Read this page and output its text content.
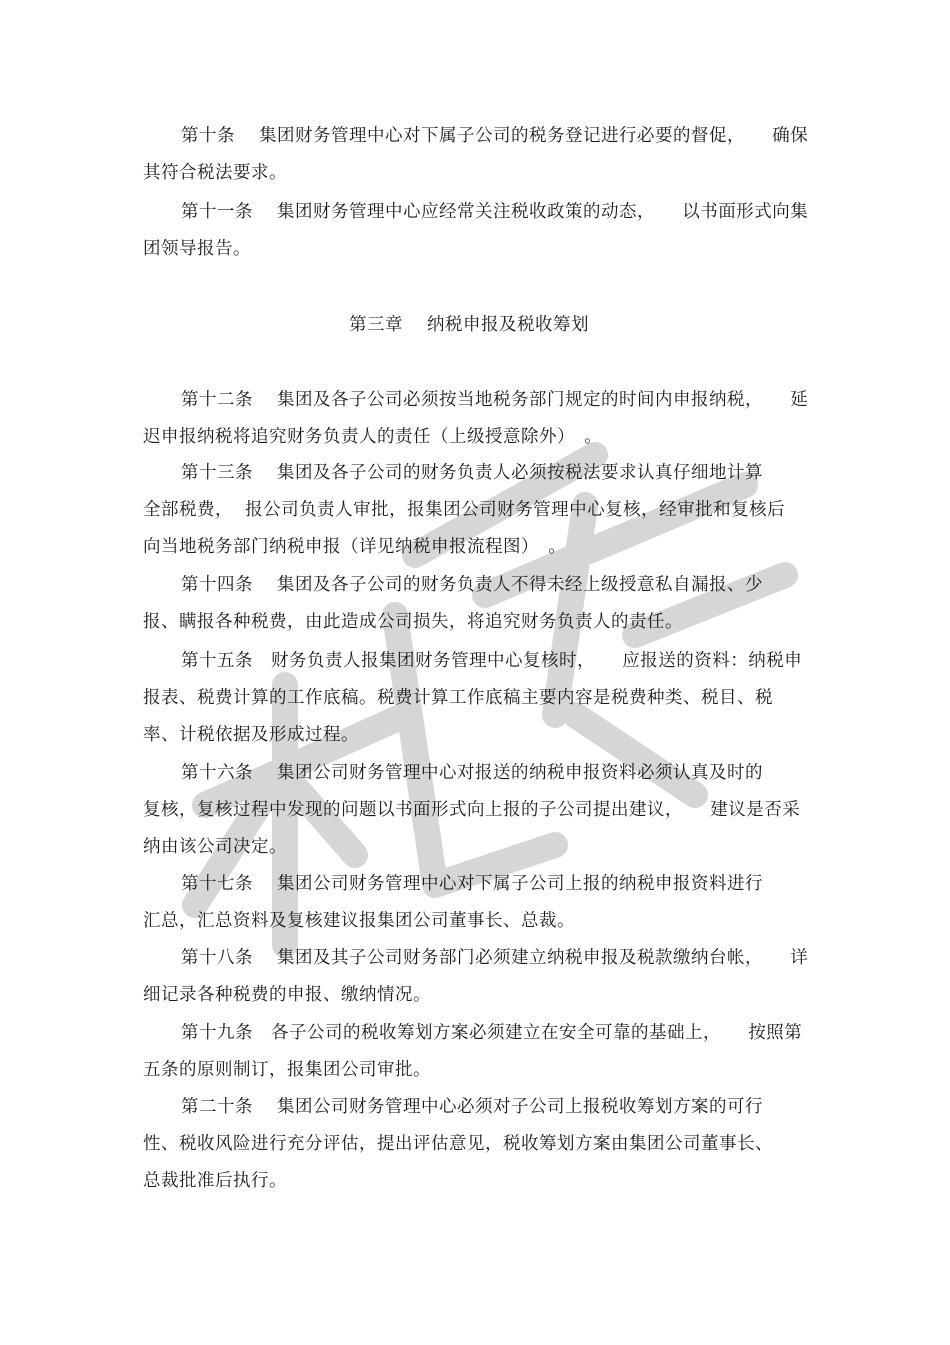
第十条　 集团财务管理中心对下属子公司的税务登记进行必要的督促，　　确保

其符合税法要求。

第十一条　 集团财务管理中心应经常关注税收政策的动态，　　以书面形式向集

团领导报告。

第三章　 纳税申报及税收筹划

第十二条　 集团及各子公司必须按当地税务部门规定的时间内申报纳税，　　延

迟申报纳税将追究财务负责人的责任（上级授意除外）　。

第十三条　 集团及各子公司的财务负责人必须按税法要求认真仔细地计算

全部税费，  报公司负责人审批，报集团公司财务管理中心复核，经审批和复核后

向当地税务部门纳税申报（详见纳税申报流程图）　。

第十四条　 集团及各子公司的财务负责人不得未经上级授意私自漏报、少

报、瞒报各种税费，由此造成公司损失，将追究财务负责人的责任。

第十五条　财务负责人报集团财务管理中心复核时，　　应报送的资料：纳税申

报表、税费计算的工作底稿。税费计算工作底稿主要内容是税费种类、税目、税

率、计税依据及形成过程。

第十六条　 集团公司财务管理中心对报送的纳税申报资料必须认真及时的

复核，复核过程中发现的问题以书面形式向上报的子公司提出建议，　　建议是否采

纳由该公司决定。

第十七条　 集团公司财务管理中心对下属子公司上报的纳税申报资料进行

汇总，汇总资料及复核建议报集团公司董事长、总裁。

第十八条　 集团及其子公司财务部门必须建立纳税申报及税款缴纳台帐，　　详

细记录各种税费的申报、缴纳情况。

第十九条　各子公司的税收筹划方案必须建立在安全可靠的基础上，　　按照第

五条的原则制订，报集团公司审批。

第二十条　 集团公司财务管理中心必须对子公司上报税收筹划方案的可行

性、税收风险进行充分评估，提出评估意见，税收筹划方案由集团公司董事长、

总裁批准后执行。
